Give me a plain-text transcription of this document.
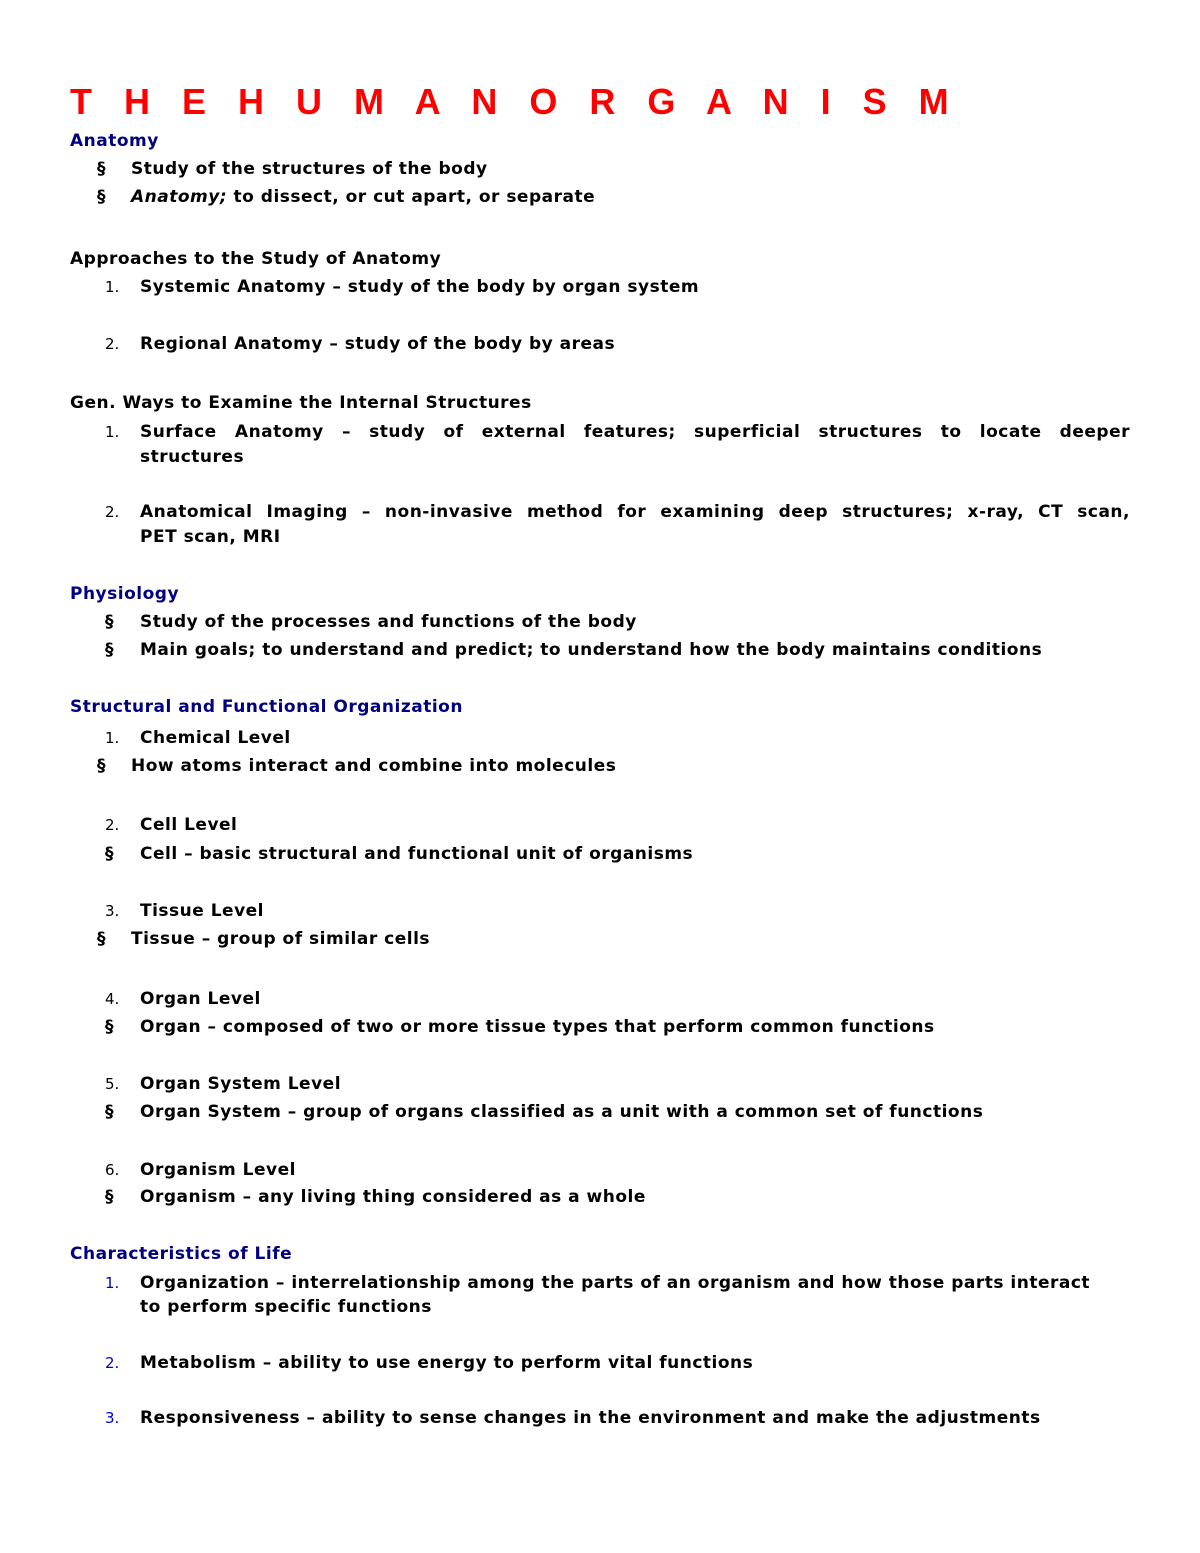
T H E H U M A N O R G A N I S M
Anatomy
§ Study of the structures of the body
§ Anatomy; to dissect, or cut apart, or separate
Approaches to the Study of Anatomy
1. Systemic Anatomy – study of the body by organ system
2. Regional Anatomy – study of the body by areas
Gen. Ways to Examine the Internal Structures
1. Surface Anatomy – study of external features; superficial structures to locate deeper
structures
2. Anatomical Imaging – non-invasive method for examining deep structures; x-ray, CT scan,
PET scan, MRI
Physiology
§ Study of the processes and functions of the body
§ Main goals; to understand and predict; to understand how the body maintains conditions
Structural and Functional Organization
1. Chemical Level
§ How atoms interact and combine into molecules
2. Cell Level
§ Cell – basic structural and functional unit of organisms
3. Tissue Level
§ Tissue – group of similar cells
4. Organ Level
§ Organ – composed of two or more tissue types that perform common functions
5. Organ System Level
§ Organ System – group of organs classified as a unit with a common set of functions
6. Organism Level
§ Organism – any living thing considered as a whole
Characteristics of Life
1. Organization – interrelationship among the parts of an organism and how those parts interact
to perform specific functions
2. Metabolism – ability to use energy to perform vital functions
3. Responsiveness – ability to sense changes in the environment and make the adjustments
